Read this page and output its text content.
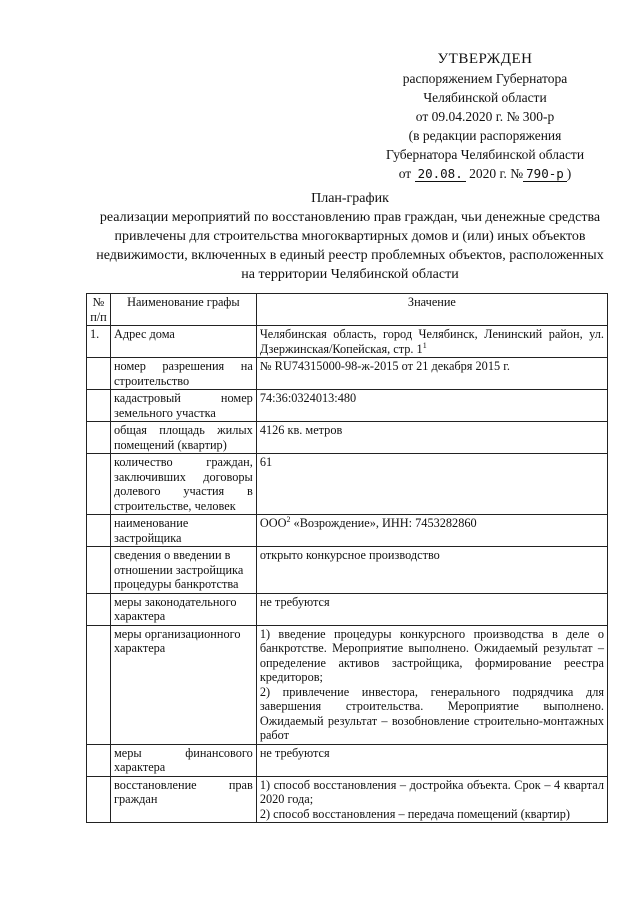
УТВЕРЖДЕН
распоряжением Губернатора
Челябинской области
от 09.04.2020 г. № 300-р
(в редакции распоряжения
Губернатора Челябинской области
от 20.08. 2020 г. № 790-р )
План-график
реализации мероприятий по восстановлению прав граждан, чьи денежные средства привлечены для строительства многоквартирных домов и (или) иных объектов недвижимости, включенных в единый реестр проблемных объектов, расположенных на территории Челябинской области
№ п/п	Наименование графы	Значение
1.	Адрес дома	Челябинская область, город Челябинск, Ленинский район, ул. Дзержинская/Копейская, стр. $1^1$
	номер разрешения на строительство	№ RU74315000-98-ж-2015 от 21 декабря 2015 г.
	кадастровый номер земельного участка	74:36:0324013:480
	общая площадь жилых помещений (квартир)	4126 кв. метров
	количество граждан, заключивших договоры долевого участия в строительстве, человек	61
	наименование застройщика	ООО$^2$ «Возрождение», ИНН: 7453282860
	сведения о введении в отношении застройщика процедуры банкротства	открыто конкурсное производство
	меры законодательного характера	не требуются
	меры организационного характера	1) введение процедуры конкурсного производства в деле о банкротстве. Мероприятие выполнено. Ожидаемый результат – определение активов застройщика, формирование реестра кредиторов;
2) привлечение инвестора, генерального подрядчика для завершения строительства. Мероприятие выполнено. Ожидаемый результат – возобновление строительно-монтажных работ

	меры финансового характера	не требуются
	восстановление прав граждан	1) способ восстановления – достройка объекта. Срок – 4 квартал 2020 года;
2) способ восстановления – передача помещений (квартир)
